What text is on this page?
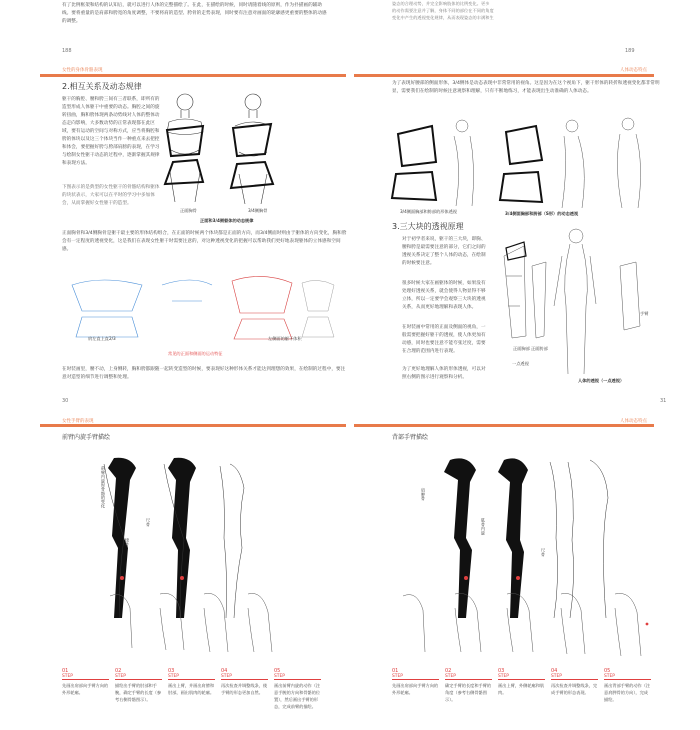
有了比例框架和结构的认知后，就可以进行人体的完整描绘了。在此，在描绘的时候，同时请随着线的原则，作为扑描画的辅助线。要将重量的是肩部和胯宽的角度调整，不要将肩的造型、胯骨的走势表现，同时要有注意对画面的轮廓感更重要的整体的动感的调整。
188
姿态的合理动势，并完全影响肢体的比例变化。更多
的动作需要注意并了解，身体不同的部位在不同的角度
变化中产生的透视变化规律，从而表现姿态的丰满和生
189
女性的身体骨骼表现
2.相互关系及动态规律
躯干的胸腔、腰和胯三间有三者联系，即所有的造型形成人体躯干中重要的动态。胸腔之间的旋转扭曲，胸和胯体现两条动势线对人体的整体动态走向影响，大多数动势的正常表现都在此区域，要有运动的空间与对称方式，应当将胸腔和胯的体块以及这三个体块当作一种重点来去把控和体会，要把握好胯与胯部肩膀的表现，在学习与绘制女性躯干动态的过程中，逐渐掌握其规律和表现方法。
下图表示的是典型的女性躯干的骨骼结构和躯体的块状表示，大家可以在平时的学习中多加体会，从而掌握好女性躯干的造型。
正面胸骨	3/4侧胸骨
正面和3/4侧躯体的动态规律
正面胸骨和3/4侧胸骨是躯干最主要的形体结构组合，在正面的时候两个体块都是正面的方向，而3/4侧面时则由于躯体的方向变化，胸和胯会有一定程度的透视变化，这是我们在表现女性躯干时需要注意的，对这种透视变化的把握可以帮助我们更好地表现躯体的立体感和空间感。
肩左直上直2/3
常见的正面和侧面的运动特征
左侧面的躯干体积
在时装画里，腰不动，上身侧转，胸和胯都跟随一起转变造型的时候，要表现好这种形体关系才能达到理想的效果，在绘制的过程中，要注意对造型的细节进行调整和处理。
30
人体动态特点
为了表现好腰部的侧面形体，3/4侧体是动态表现中非常常用的视角。这是因为在这个视角下，躯干形体的转折和透视变化都非常明显，需要我们在绘制的时候注意观察和理解，只有不断地练习，才能表现出生动准确的人体动态。
3/4侧面胸部和胯部的形体透视	3/4侧面胸部和胯部（S形）的动态透视
3.三大块的透视原理
对于初学者来说，躯干的三大块，即胸、腰和胯是最需要注意的部分，它们之间的透视关系决定了整个人体的动态，在绘制的时候要注意。
很多时候大家在画躯体的时候，如果没有处理好透视关系，就会使得人物显得不够立体，所以一定要学会观察三大块的透视关系，从而更好地理解和表现人体。
在时装画中常用的正面及侧面的视角，一般需要把握好躯干的透视，使人体更加有动感，同时也要注意不能夸张过度，需要在合理的范围内进行表现。
为了更好地理解人体的形体透视，可以对照右侧的图示进行观察和分析。
正面胸部 正面胯部
手臂
一点透视
人体的透视（一点透视）
31
女性手臂的表现
前臂内旋手臂描绘
前臂内旋时骨骼的变化
尺骨
桡骨
01
STEP
先画出肩部向手臂方向的外形轮廓。
02
STEP
描绘出手臂的肘部和手腕，确定手臂的长度（参考右侧骨骼图示）。
03
STEP
画出上臂，并画出肩膀和肘部，画出肌肉的轮廓。
04
STEP
再次检查并调整线条，使手臂的形态更加自然。
05
STEP
画出前臂内旋的动作（注意手腕的方向和骨骼的位置），然后画出手臂的形态，完成前臂的描绘。
人体动态特点
背部手臂描绘
肩胛骨
肱骨内旋
尺骨
01
STEP
先画出肩部向手臂方向的外形轮廓。
02
STEP
确定手臂的长度和手臂的角度（参考右侧骨骼图示）。
03
STEP
画出上臂，外侧轮廓和肌肉。
04
STEP
再次检查并调整线条，完成手臂的形态表现。
05
STEP
画出背部手臂的动作（注意肩胛骨的方向），完成描绘。
